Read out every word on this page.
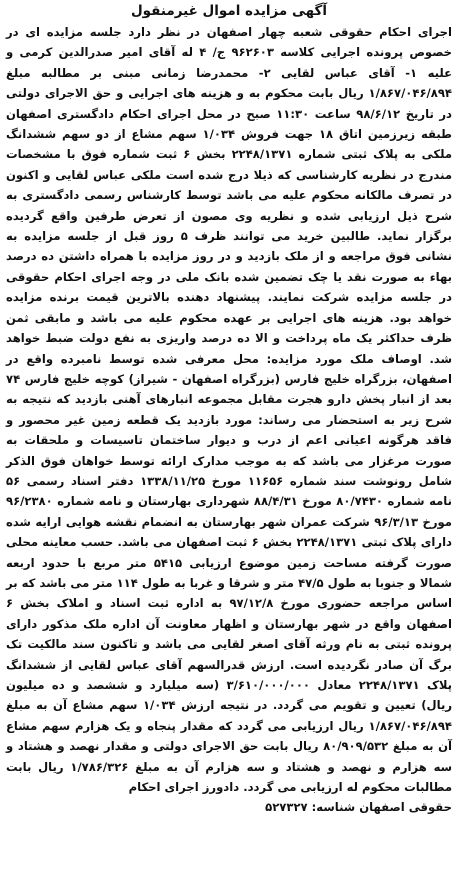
آگهی مزایده اموال غیرمنقول

اجرای احکام حقوقی شعبه چهار اصفهان در نظر دارد جلسه مزایده ای در خصوص پرونده اجرایی کلاسه ۹۶۲۶۰۳ ج/ ۴ له آقای امیر صدرالدین کرمی و علیه ۱- آقای عباس لقایی ۲- محمدرضا زمانی مبنی بر مطالبه مبلغ ۱/۸۶۷/۰۴۶/۸۹۴ ریال بابت محکوم به و هزینه های اجرایی و حق الاجرای دولتی در تاریخ ۹۸/۶/۱۲ ساعت ۱۱:۳۰ صبح در محل اجرای احکام دادگستری اصفهان طبقه زیرزمین اتاق ۱۸ جهت فروش ۱/۰۳۴ سهم مشاع از دو سهم ششدانگ ملکی به پلاک ثبتی شماره ۲۲۴۸/۱۳۷۱ بخش ۶ ثبت شماره فوق با مشخصات مندرج در نظریه کارشناسی که ذیلا درج شده است ملکی عباس لقایی و اکنون در تصرف مالکانه محکوم علیه می باشد توسط کارشناس رسمی دادگستری به شرح ذیل ارزیابی شده و نظریه وی مصون از تعرض طرفین واقع گردیده برگزار نماید. طالبین خرید می توانند ظرف ۵ روز قبل از جلسه مزایده به نشانی فوق مراجعه و از ملک بازدید و در روز مزایده با همراه داشتن ده درصد بهاء به صورت نقد یا چک تضمین شده بانک ملی در وجه اجرای احکام حقوقی در جلسه مزایده شرکت نمایند. پیشنهاد دهنده بالاترین قیمت برنده مزایده خواهد بود. هزینه های اجرایی بر عهده محکوم علیه می باشد و مابقی ثمن ظرف حداکثر یک ماه پرداخت و الا ده درصد واریزی به نفع دولت ضبط خواهد شد. اوصاف ملک مورد مزایده: محل معرفی شده توسط نامبرده واقع در اصفهان، بزرگراه خلیج فارس (بزرگراه اصفهان - شیراز) کوچه خلیج فارس ۷۴ بعد از انبار پخش دارو هجرت مقابل مجموعه انبارهای آهنی بازدید که نتیجه به شرح زیر به استحضار می رساند: مورد بازدید یک قطعه زمین غیر محصور و فاقد هرگونه اعیانی اعم از درب و دیوار ساختمان تاسیسات و ملحقات به صورت مرغزار می باشد که به موجب مدارک ارائه توسط خواهان فوق الذکر شامل رونوشت سند شماره ۱۱۶۵۶ مورخ ۱۳۳۸/۱۱/۲۵ دفتر اسناد رسمی ۵۶ نامه شماره ۸۰/۷۴۳۰ مورخ ۸۸/۴/۳۱ شهرداری بهارستان و نامه شماره ۹۶/۲۳۸۰ مورخ ۹۶/۳/۱۳ شرکت عمران شهر بهارستان به انضمام نقشه هوایی ارایه شده دارای پلاک ثبتی ۲۲۴۸/۱۳۷۱ بخش ۶ ثبت اصفهان می باشد. حسب معاینه محلی صورت گرفته مساحت زمین موضوع ارزیابی ۵۴۱۵ متر مربع با حدود اربعه شمالا و جنوبا به طول ۴۷/۵ متر و شرقا و غربا به طول ۱۱۴ متر می باشد که بر اساس مراجعه حضوری مورخ ۹۷/۱۲/۸ به اداره ثبت اسناد و املاک بخش ۶ اصفهان واقع در شهر بهارستان و اظهار معاونت آن اداره ملک مذکور دارای پرونده ثبتی به نام ورثه آقای اصغر لقایی می باشد و تاکنون سند مالکیت تک برگ آن صادر نگردیده است. ارزش قدرالسهم آقای عباس لقایی از ششدانگ پلاک ۲۲۴۸/۱۳۷۱ معادل ۳/۶۱۰/۰۰۰/۰۰۰ (سه میلیارد و ششصد و ده میلیون ریال) تعیین و تقویم می گردد. در نتیجه ارزش ۱/۰۳۴ سهم مشاع آن به مبلغ ۱/۸۶۷/۰۴۶/۸۹۴ ریال ارزیابی می گردد که مقدار پنجاه و یک هزارم سهم مشاع آن به مبلغ ۸۰/۹۰۹/۵۳۲ ریال بابت حق الاجرای دولتی و مقدار نهصد و هشتاد و سه هزارم و نهصد و هشتاد و سه هزارم آن به مبلغ ۱/۷۸۶/۳۲۶ ریال بابت مطالبات محکوم له ارزیابی می گردد. دادورز اجرای احکام

حقوقی اصفهان شناسه: ۵۲۷۳۲۷
